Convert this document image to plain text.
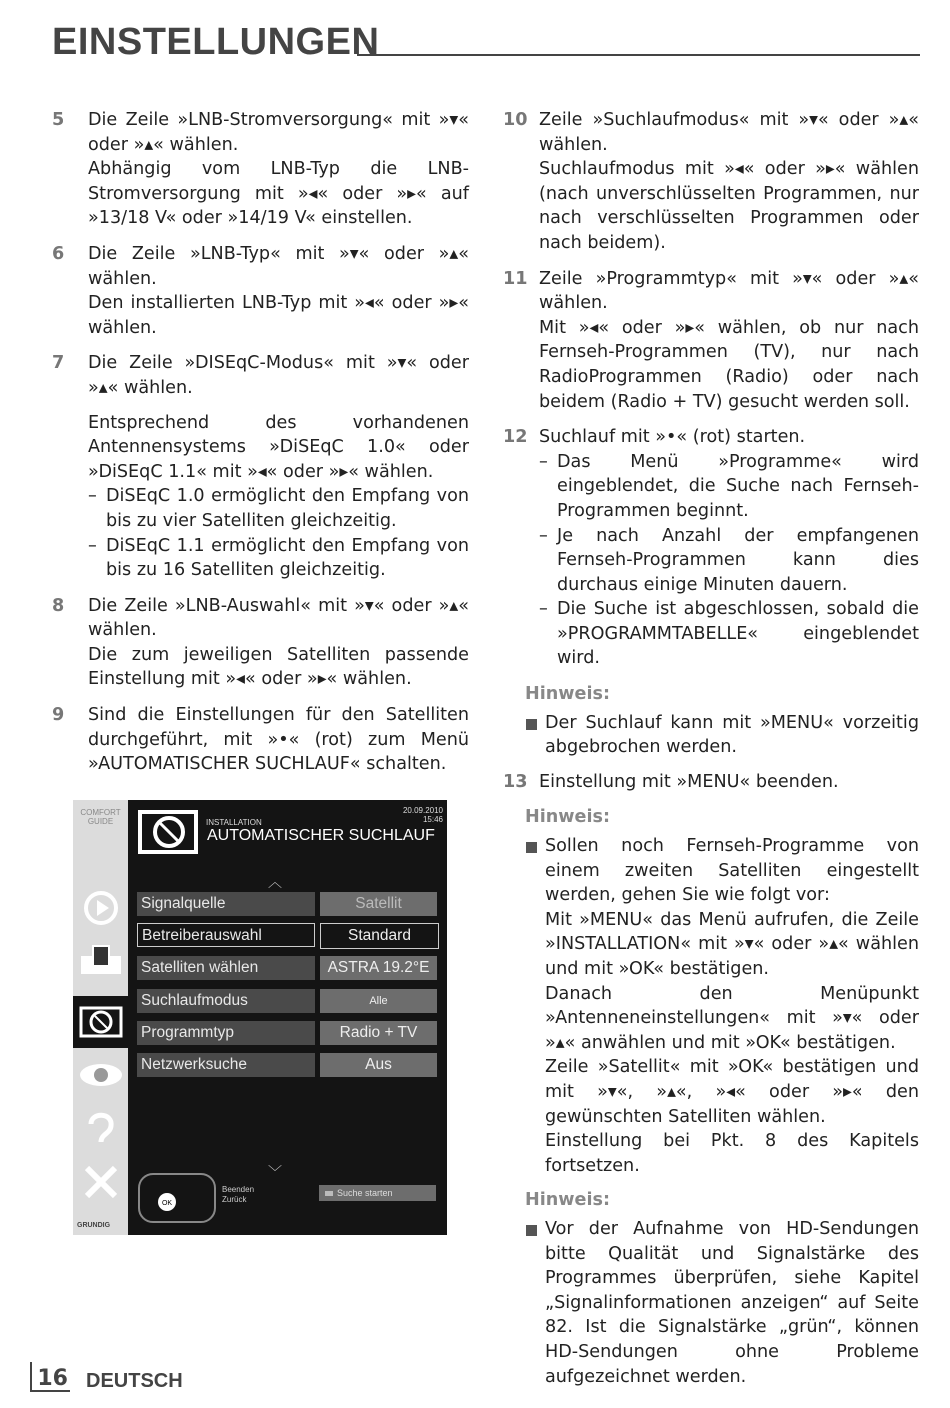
EINSTELLUNGEN
5 Die Zeile »LNB-Stromversorgung« mit »▾« oder »▴« wählen.

Abhängig vom LNB-Typ die LNB-Stromversorgung mit »◂« oder »▸« auf »13/18 V« oder »14/19 V« einstellen.

6 Die Zeile »LNB-Typ« mit »▾« oder »▴« wählen.

Den installierten LNB-Typ mit »◂« oder »▸« wählen.

7 Die Zeile »DISEqC-Modus« mit »▾« oder »▴« wählen.

Entsprechend des vorhandenen Antennensystems »DiSEqC 1.0« oder »DiSEqC 1.1« mit »◂« oder »▸« wählen.

– DiSEqC 1.0 ermöglicht den Empfang von bis zu vier Satelliten gleichzeitig.
– DiSEqC 1.1 ermöglicht den Empfang von bis zu 16 Satelliten gleichzeitig.
8 Die Zeile »LNB-Auswahl« mit »▾« oder »▴« wählen.

Die zum jeweiligen Satelliten passende Einstellung mit »◂« oder »▸« wählen.

9 Sind die Einstellungen für den Satelliten durchgeführt, mit »•« (rot) zum Menü »AUTOMATISCHER SUCHLAUF« schalten.

COMFORT GUIDE
GRUNDIG
20.09.2010
15:46
INSTALLATION
AUTOMATISCHER SUCHLAUF
︿
Signalquelle	Satellit
Betreiberauswahl	Standard
Satelliten wählen	ASTRA 19.2°E
Suchlaufmodus	Alle
Programmtyp	Radio + TV
Netzwerksuche	Aus
﹀
OK
Beenden
Zurück
Suche starten
10 Zeile »Suchlaufmodus« mit »▾« oder »▴« wählen.

Suchlaufmodus mit »◂« oder »▸« wählen (nach unverschlüsselten Programmen, nur nach verschlüsselten Programmen oder nach beidem).

11 Zeile »Programmtyp« mit »▾« oder »▴« wählen.

Mit »◂« oder »▸« wählen, ob nur nach Fernseh-Programmen (TV), nur nach RadioProgrammen (Radio) oder nach beidem (Radio + TV) gesucht werden soll.

12 Suchlauf mit »•« (rot) starten.

– Das Menü »Programme« wird eingeblendet, die Suche nach Fernseh-Programmen beginnt.
– Je nach Anzahl der empfangenen Fernseh-Programmen kann dies durchaus einige Minuten dauern.
– Die Suche ist abgeschlossen, sobald die »PROGRAMMTABELLE« eingeblendet wird.
Hinweis:

Der Suchlauf kann mit »MENU« vorzeitig abgebrochen werden.

13 Einstellung mit »MENU« beenden.

Hinweis:

Sollen noch Fernseh-Programme von einem zweiten Satelliten eingestellt werden, gehen Sie wie folgt vor:

Mit »MENU« das Menü aufrufen, die Zeile »INSTALLATION« mit »▾« oder »▴« wählen und mit »OK« bestätigen.

Danach den Menüpunkt »Antenneneinstellungen« mit »▾« oder »▴« anwählen und mit »OK« bestätigen.

Zeile »Satellit« mit »OK« bestätigen und mit »▾«, »▴«, »◂« oder »▸« den gewünschten Satelliten wählen.

Einstellung bei Pkt. 8 des Kapitels fortsetzen.

Hinweis:

Vor der Aufnahme von HD-Sendungen bitte Qualität und Signalstärke des Programmes überprüfen, siehe Kapitel „Signalinformationen anzeigen“ auf Seite 82. Ist die Signalstärke „grün“, können HD-Sendungen ohne Probleme aufgezeichnet werden.

16 DEUTSCH
